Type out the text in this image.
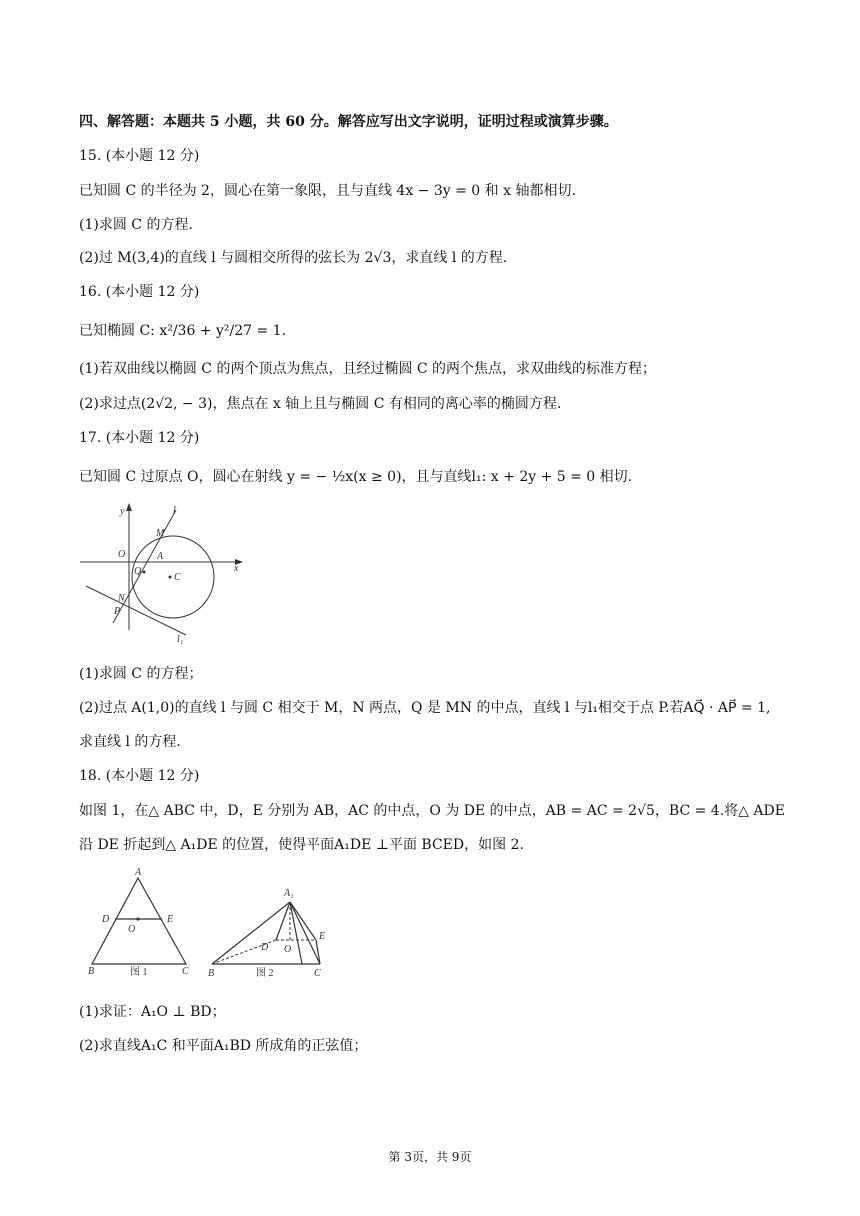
四、解答题：本题共 5 小题，共 60 分。解答应写出文字说明，证明过程或演算步骤。
15. (本小题 12 分)
已知圆 C 的半径为 2，圆心在第一象限，且与直线 4x − 3y = 0 和 x 轴都相切.
(1)求圆 C 的方程.
(2)过 M(3,4)的直线 l 与圆相交所得的弦长为 2√3，求直线 l 的方程.
16. (本小题 12 分)
已知椭圆 C: x²/36 + y²/27 = 1.
(1)若双曲线以椭圆 C 的两个顶点为焦点，且经过椭圆 C 的两个焦点，求双曲线的标准方程；
(2)求过点(2√2, − 3)，焦点在 x 轴上且与椭圆 C 有相同的离心率的椭圆方程.
17. (本小题 12 分)
已知圆 C 过原点 O，圆心在射线 y = − ½x(x ≥ 0)，且与直线l₁: x + 2y + 5 = 0 相切.
y	l
M
O	A
x
Q
C
N
P
l₁
(1)求圆 C 的方程；
(2)过点 A(1,0)的直线 l 与圆 C 相交于 M，N 两点，Q 是 MN 的中点，直线 l 与l₁相交于点 P.若AQ⃗ · AP⃗ = 1,
求直线 l 的方程.
18. (本小题 12 分)
如图 1，在△ ABC 中，D，E 分别为 AB，AC 的中点，O 为 DE 的中点，AB = AC = 2√5，BC = 4.将△ ADE
沿 DE 折起到△ A₁DE 的位置，使得平面A₁DE ⊥平面 BCED，如图 2.
A
D	E
O
B	C
图 1
A₁
E
D O
B	C
图 2
(1)求证：A₁O ⊥ BD；
(2)求直线A₁C 和平面A₁BD 所成角的正弦值；
第 3页，共 9页
